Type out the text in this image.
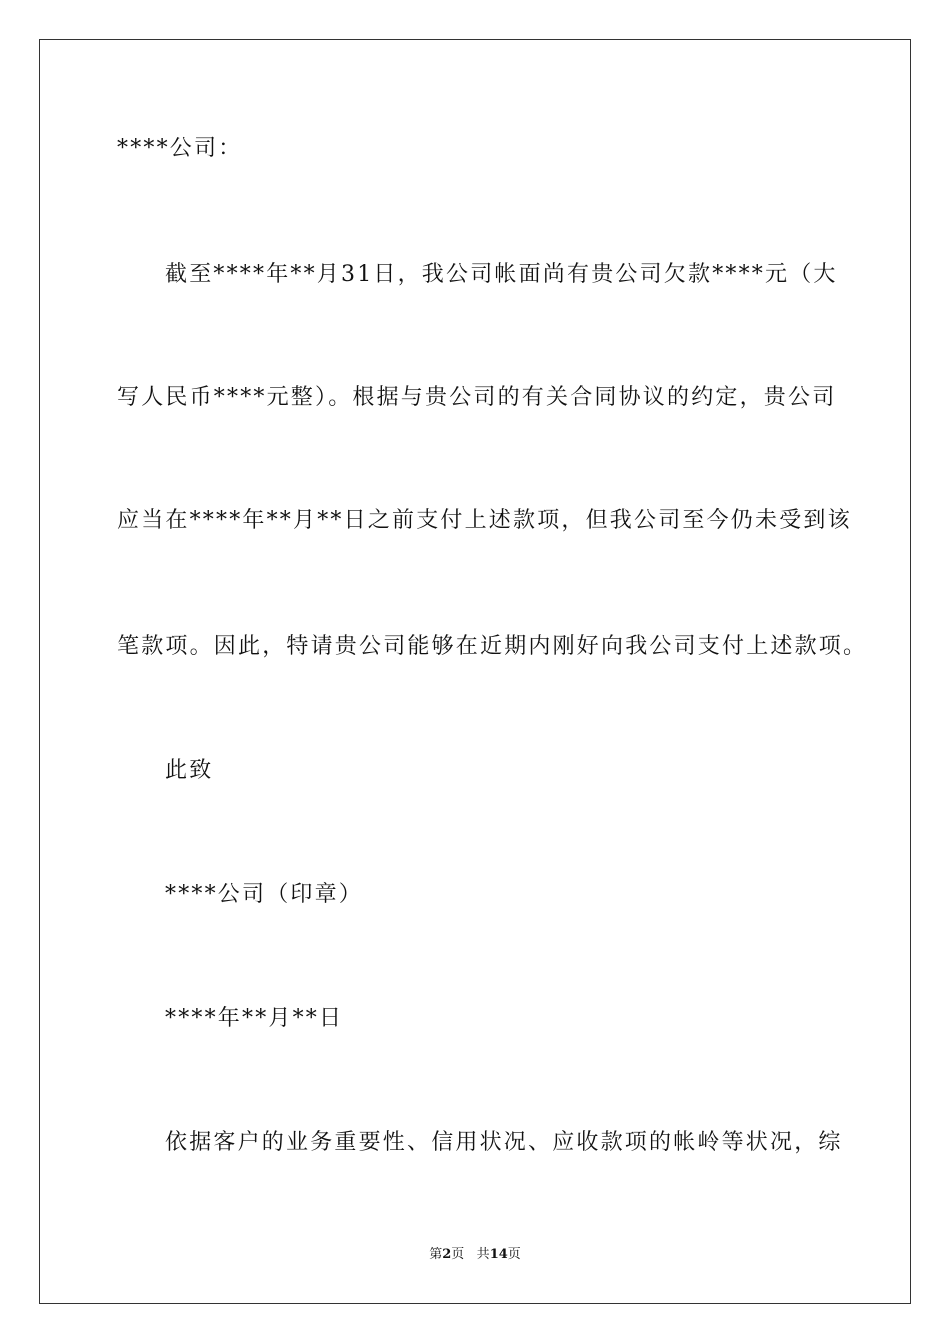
****公司：
截至****年**月31日，我公司帐面尚有贵公司欠款****元（大
写人民币****元整）。根据与贵公司的有关合同协议的约定，贵公司
应当在****年**月**日之前支付上述款项，但我公司至今仍未受到该
笔款项。因此，特请贵公司能够在近期内刚好向我公司支付上述款项。
此致
****公司（印章）
****年**月**日
依据客户的业务重要性、信用状况、应收款项的帐岭等状况，综
第2页 共14页
